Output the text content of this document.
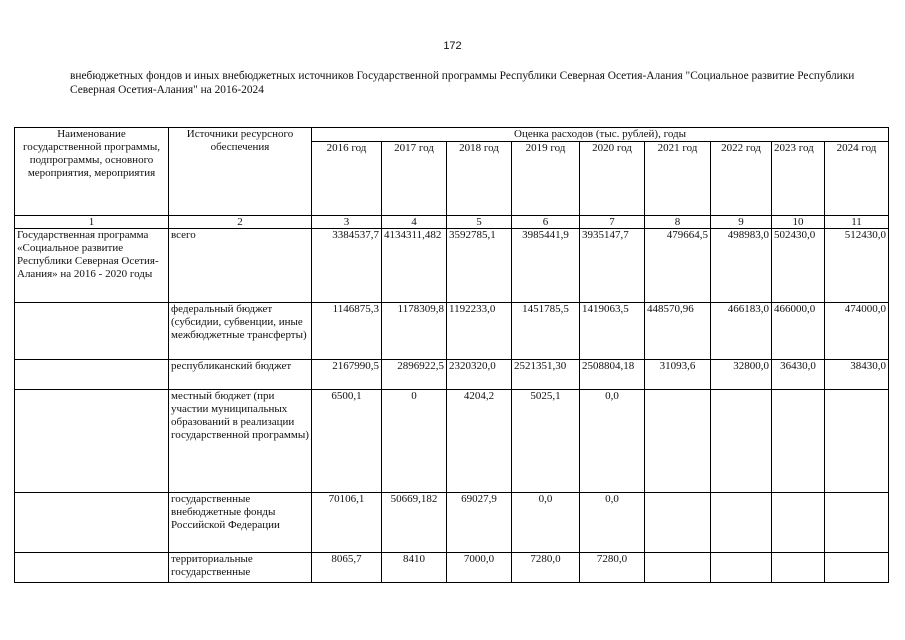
172
внебюджетных фондов и иных внебюджетных источников Государственной программы Республики Северная Осетия-Алания "Социальное развитие Республики Северная Осетия-Алания" на 2016-2024
Наименование государственной программы, подпрограммы, основного мероприятия, мероприятия	Источники ресурсного обеспечения	Оценка расходов (тыс. рублей), годы								
		2016 год	2017 год	2018 год	2019 год	2020 год	2021 год	2022 год	2023 год	2024 год
1	2	3	4	5	6	7	8	9	10	11
Государственная программа «Социальное развитие Республики Северная Осетия-Алания» на 2016 - 2020 годы	всего	3384537,7	4134311,482	3592785,1	3985441,9	3935147,7	479664,5	498983,0	502430,0	512430,0
	федеральный бюджет (субсидии, субвенции, иные межбюджетные трансферты)	1146875,3	1178309,8	1192233,0	1451785,5	1419063,5	448570,96	466183,0	466000,0	474000,0
	республиканский бюджет	2167990,5	2896922,5	2320320,0	2521351,30	2508804,18	31093,6	32800,0	36430,0	38430,0
	местный бюджет (при участии муниципальных образований в реализации государственной программы)	6500,1	0	4204,2	5025,1	0,0				
	государственные внебюджетные фонды Российской Федерации	70106,1	50669,182	69027,9	0,0	0,0				
	территориальные государственные	8065,7	8410	7000,0	7280,0	7280,0				
